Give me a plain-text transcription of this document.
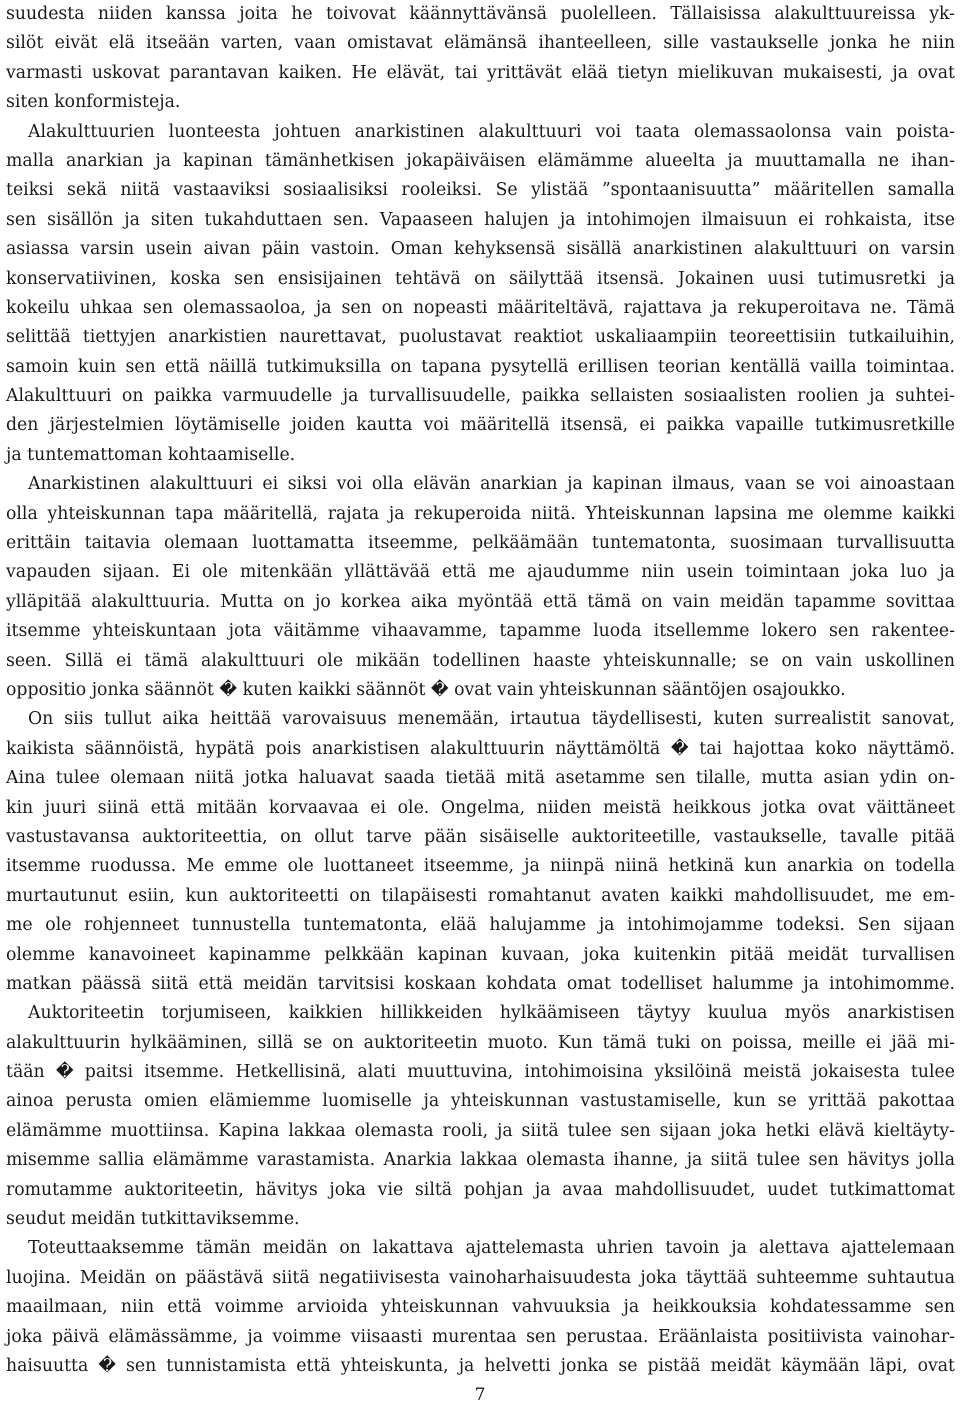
suudesta niiden kanssa joita he toivovat käännyttävänsä puolelleen. Tällaisissa alakulttuureissa yk-
silöt eivät elä itseään varten, vaan omistavat elämänsä ihanteelleen, sille vastaukselle jonka he niin
varmasti uskovat parantavan kaiken. He elävät, tai yrittävät elää tietyn mielikuvan mukaisesti, ja ovat
siten konformisteja.
Alakulttuurien luonteesta johtuen anarkistinen alakulttuuri voi taata olemassaolonsa vain poista-
malla anarkian ja kapinan tämänhetkisen jokapäiväisen elämämme alueelta ja muuttamalla ne ihan-
teiksi sekä niitä vastaaviksi sosiaalisiksi rooleiksi. Se ylistää ”spontaanisuutta” määritellen samalla
sen sisällön ja siten tukahduttaen sen. Vapaaseen halujen ja intohimojen ilmaisuun ei rohkaista, itse
asiassa varsin usein aivan päin vastoin. Oman kehyksensä sisällä anarkistinen alakulttuuri on varsin
konservatiivinen, koska sen ensisijainen tehtävä on säilyttää itsensä. Jokainen uusi tutimusretki ja
kokeilu uhkaa sen olemassaoloa, ja sen on nopeasti määriteltävä, rajattava ja rekuperoitava ne. Tämä
selittää tiettyjen anarkistien naurettavat, puolustavat reaktiot uskaliaampiin teoreettisiin tutkailuihin,
samoin kuin sen että näillä tutkimuksilla on tapana pysytellä erillisen teorian kentällä vailla toimintaa.
Alakulttuuri on paikka varmuudelle ja turvallisuudelle, paikka sellaisten sosiaalisten roolien ja suhtei-
den järjestelmien löytämiselle joiden kautta voi määritellä itsensä, ei paikka vapaille tutkimusretkille
ja tuntemattoman kohtaamiselle.
Anarkistinen alakulttuuri ei siksi voi olla elävän anarkian ja kapinan ilmaus, vaan se voi ainoastaan
olla yhteiskunnan tapa määritellä, rajata ja rekuperoida niitä. Yhteiskunnan lapsina me olemme kaikki
erittäin taitavia olemaan luottamatta itseemme, pelkäämään tuntematonta, suosimaan turvallisuutta
vapauden sijaan. Ei ole mitenkään yllättävää että me ajaudumme niin usein toimintaan joka luo ja
ylläpitää alakulttuuria. Mutta on jo korkea aika myöntää että tämä on vain meidän tapamme sovittaa
itsemme yhteiskuntaan jota väitämme vihaavamme, tapamme luoda itsellemme lokero sen rakentee-
seen. Sillä ei tämä alakulttuuri ole mikään todellinen haaste yhteiskunnalle; se on vain uskollinen
oppositio jonka säännöt � kuten kaikki säännöt � ovat vain yhteiskunnan sääntöjen osajoukko.
On siis tullut aika heittää varovaisuus menemään, irtautua täydellisesti, kuten surrealistit sanovat,
kaikista säännöistä, hypätä pois anarkistisen alakulttuurin näyttämöltä � tai hajottaa koko näyttämö.
Aina tulee olemaan niitä jotka haluavat saada tietää mitä asetamme sen tilalle, mutta asian ydin on-
kin juuri siinä että mitään korvaavaa ei ole. Ongelma, niiden meistä heikkous jotka ovat väittäneet
vastustavansa auktoriteettia, on ollut tarve pään sisäiselle auktoriteetille, vastaukselle, tavalle pitää
itsemme ruodussa. Me emme ole luottaneet itseemme, ja niinpä niinä hetkinä kun anarkia on todella
murtautunut esiin, kun auktoriteetti on tilapäisesti romahtanut avaten kaikki mahdollisuudet, me em-
me ole rohjenneet tunnustella tuntematonta, elää halujamme ja intohimojamme todeksi. Sen sijaan
olemme kanavoineet kapinamme pelkkään kapinan kuvaan, joka kuitenkin pitää meidät turvallisen
matkan päässä siitä että meidän tarvitsisi koskaan kohdata omat todelliset halumme ja intohimomme.
Auktoriteetin torjumiseen, kaikkien hillikkeiden hylkäämiseen täytyy kuulua myös anarkistisen
alakulttuurin hylkääminen, sillä se on auktoriteetin muoto. Kun tämä tuki on poissa, meille ei jää mi-
tään � paitsi itsemme. Hetkellisinä, alati muuttuvina, intohimoisina yksilöinä meistä jokaisesta tulee
ainoa perusta omien elämiemme luomiselle ja yhteiskunnan vastustamiselle, kun se yrittää pakottaa
elämämme muottiinsa. Kapina lakkaa olemasta rooli, ja siitä tulee sen sijaan joka hetki elävä kieltäyty-
misemme sallia elämämme varastamista. Anarkia lakkaa olemasta ihanne, ja siitä tulee sen hävitys jolla
romutamme auktoriteetin, hävitys joka vie siltä pohjan ja avaa mahdollisuudet, uudet tutkimattomat
seudut meidän tutkittaviksemme.
Toteuttaaksemme tämän meidän on lakattava ajattelemasta uhrien tavoin ja alettava ajattelemaan
luojina. Meidän on päästävä siitä negatiivisesta vainoharhaisuudesta joka täyttää suhteemme suhtautua
maailmaan, niin että voimme arvioida yhteiskunnan vahvuuksia ja heikkouksia kohdatessamme sen
joka päivä elämässämme, ja voimme viisaasti murentaa sen perustaa. Eräänlaista positiivista vainohar-
haisuutta � sen tunnistamista että yhteiskunta, ja helvetti jonka se pistää meidät käymään läpi, ovat
7
